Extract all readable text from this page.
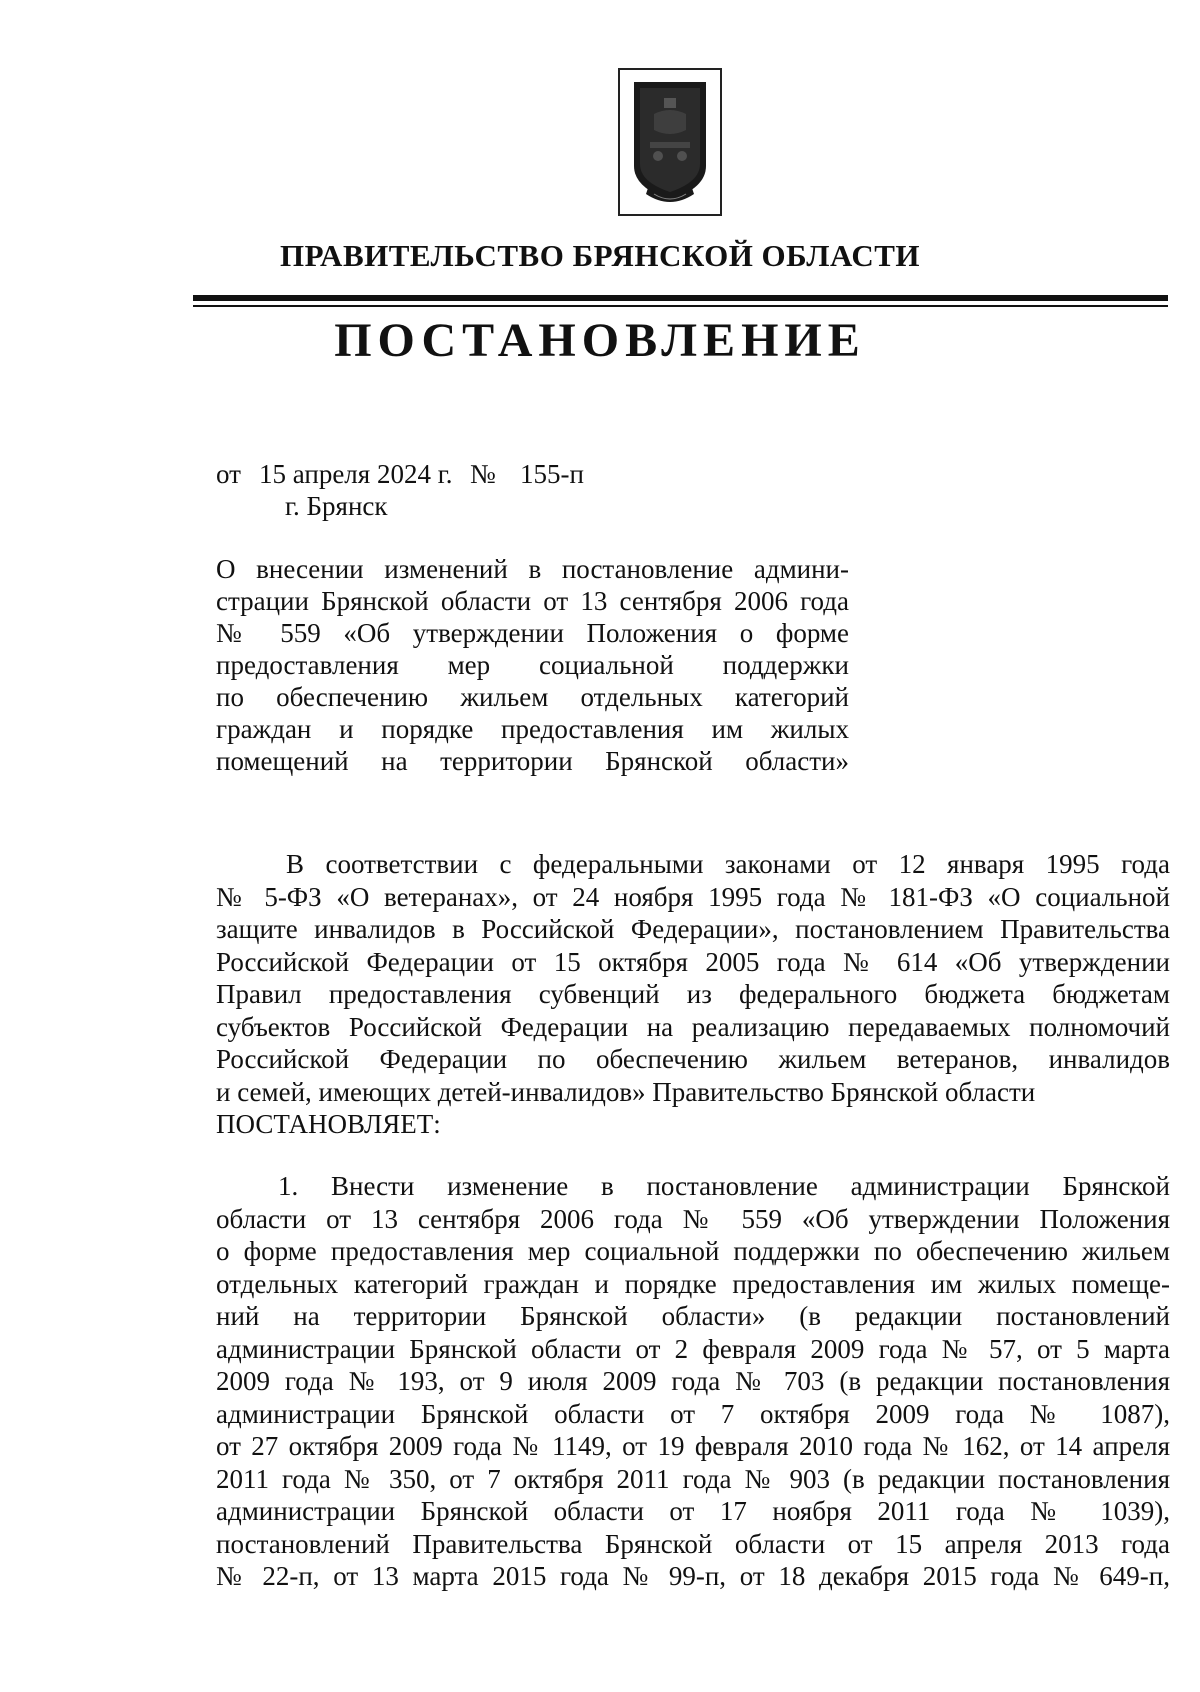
ПРАВИТЕЛЬСТВО БРЯНСКОЙ ОБЛАСТИ
ПОСТАНОВЛЕНИЕ
от 15 апреля 2024 г. № 155-п
г. Брянск
О внесении изменений в постановление админи-
страции Брянской области от 13 сентября 2006 года
№ 559 «Об утверждении Положения о форме
предоставления мер социальной поддержки
по обеспечению жильем отдельных категорий
граждан и порядке предоставления им жилых
помещений на территории Брянской области»
В соответствии с федеральными законами от 12 января 1995 года
№ 5-ФЗ «О ветеранах», от 24 ноября 1995 года № 181-ФЗ «О социальной
защите инвалидов в Российской Федерации», постановлением Правительства
Российской Федерации от 15 октября 2005 года № 614 «Об утверждении
Правил предоставления субвенций из федерального бюджета бюджетам
субъектов Российской Федерации на реализацию передаваемых полномочий
Российской Федерации по обеспечению жильем ветеранов, инвалидов
и семей, имеющих детей-инвалидов» Правительство Брянской области
ПОСТАНОВЛЯЕТ:
1. Внести изменение в постановление администрации Брянской
области от 13 сентября 2006 года № 559 «Об утверждении Положения
о форме предоставления мер социальной поддержки по обеспечению жильем
отдельных категорий граждан и порядке предоставления им жилых помеще-
ний на территории Брянской области» (в редакции постановлений
администрации Брянской области от 2 февраля 2009 года № 57, от 5 марта
2009 года № 193, от 9 июля 2009 года № 703 (в редакции постановления
администрации Брянской области от 7 октября 2009 года № 1087),
от 27 октября 2009 года № 1149, от 19 февраля 2010 года № 162, от 14 апреля
2011 года № 350, от 7 октября 2011 года № 903 (в редакции постановления
администрации Брянской области от 17 ноября 2011 года № 1039),
постановлений Правительства Брянской области от 15 апреля 2013 года
№ 22-п, от 13 марта 2015 года № 99-п, от 18 декабря 2015 года № 649-п,
